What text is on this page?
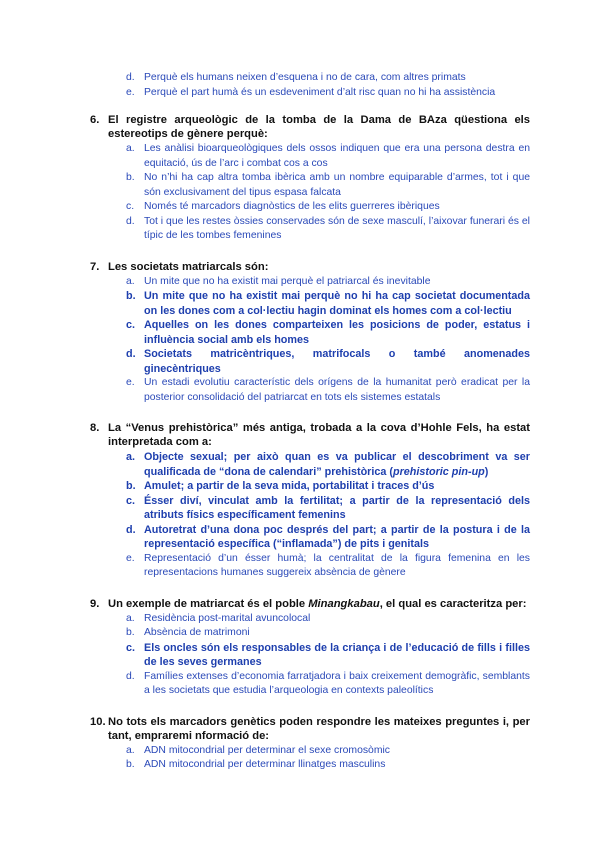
d. Perquè els humans neixen d’esquena i no de cara, com altres primats
e. Perquè el part humà és un esdeveniment d’alt risc quan no hi ha assistència
6. El registre arqueològic de la tomba de la Dama de BAza qüestiona els estereotips de gènere perquè:
a. Les anàlisi bioarqueològiques dels ossos indiquen que era una persona destra en equitació, ús de l’arc i combat cos a cos
b. No n’hi ha cap altra tomba ibèrica amb un nombre equiparable d’armes, tot i que són exclusivament del tipus espasa falcata
c. Només té marcadors diagnòstics de les elits guerreres ibèriques
d. Tot i que les restes òssies conservades són de sexe masculí, l’aixovar funerari és el típic de les tombes femenines
7. Les societats matriarcals són:
a. Un mite que no ha existit mai perquè el patriarcal és inevitable
b. Un mite que no ha existit mai perquè no hi ha cap societat documentada on les dones com a col·lectiu hagin dominat els homes com a col·lectiu
c. Aquelles on les dones comparteixen les posicions de poder, estatus i influència social amb els homes
d. Societats matricèntriques, matrifocals o també anomenades ginecèntriques
e. Un estadi evolutiu característic dels orígens de la humanitat però eradicat per la posterior consolidació del patriarcat en tots els sistemes estatals
8. La “Venus prehistòrica” més antiga, trobada a la cova d’Hohle Fels, ha estat interpretada com a:
a. Objecte sexual; per això quan es va publicar el descobriment va ser qualificada de “dona de calendari” prehistòrica (prehistoric pin-up)
b. Amulet; a partir de la seva mida, portabilitat i traces d’ús
c. Ésser diví, vinculat amb la fertilitat; a partir de la representació dels atributs físics específicament femenins
d. Autoretrat d’una dona poc després del part; a partir de la postura i de la representació específica (“inflamada”) de pits i genitals
e. Representació d’un ésser humà; la centralitat de la figura femenina en les representacions humanes suggereix absència de gènere
9. Un exemple de matriarcat és el poble Minangkabau, el qual es caracteritza per:
a. Residència post-marital avuncolocal
b. Absència de matrimoni
c. Els oncles són els responsables de la criança i de l’educació de fills i filles de les seves germanes
d. Famílies extenses d’economia farratjadora i baix creixement demogràfic, semblants a les societats que estudia l’arqueologia en contexts paleolítics
10. No tots els marcadors genètics poden respondre les mateixes preguntes i, per tant, empraremi nformació de:
a. ADN mitocondrial per determinar el sexe cromosòmic
b. ADN mitocondrial per determinar llinatges masculins
